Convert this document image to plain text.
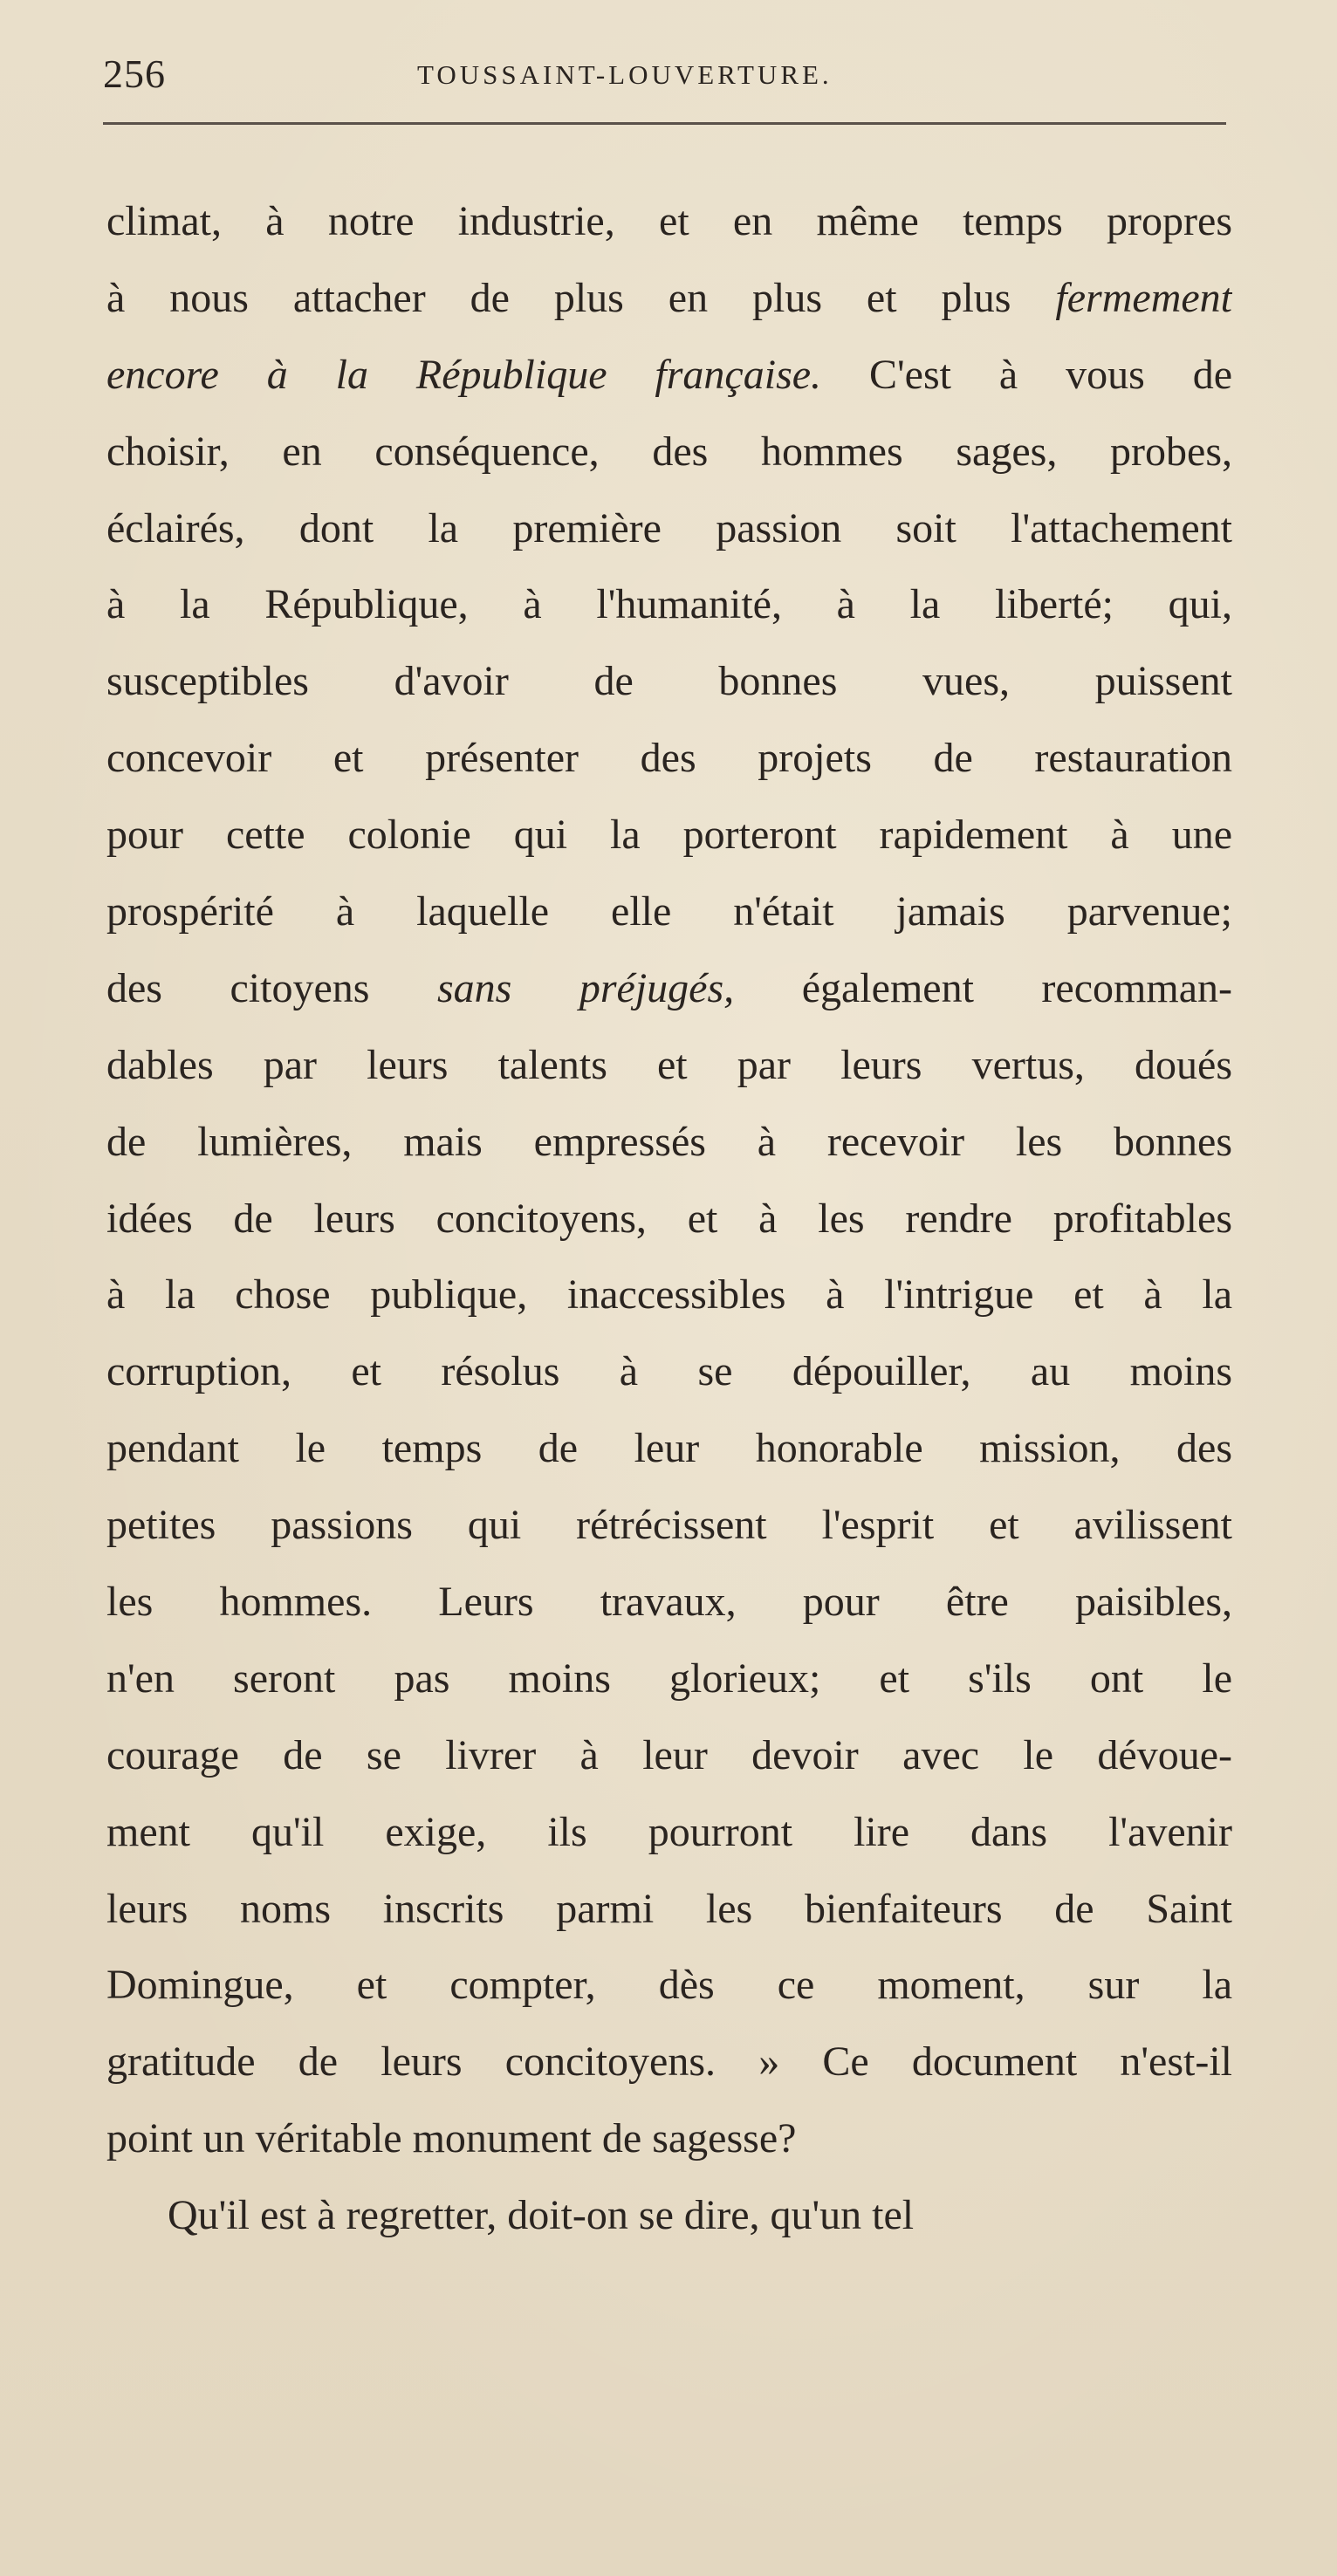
256	TOUSSAINT-LOUVERTURE.
climat, à notre industrie, et en même temps propres
à nous attacher de plus en plus et plus fermement
encore à la République française. C'est à vous de
choisir, en conséquence, des hommes sages, probes,
éclairés, dont la première passion soit l'attachement
à la République, à l'humanité, à la liberté; qui,
susceptibles d'avoir de bonnes vues, puissent
concevoir et présenter des projets de restauration
pour cette colonie qui la porteront rapidement à une
prospérité à laquelle elle n'était jamais parvenue;
des citoyens sans préjugés, également recomman-
dables par leurs talents et par leurs vertus, doués
de lumières, mais empressés à recevoir les bonnes
idées de leurs concitoyens, et à les rendre profitables
à la chose publique, inaccessibles à l'intrigue et à la
corruption, et résolus à se dépouiller, au moins
pendant le temps de leur honorable mission, des
petites passions qui rétrécissent l'esprit et avilissent
les hommes. Leurs travaux, pour être paisibles,
n'en seront pas moins glorieux; et s'ils ont le
courage de se livrer à leur devoir avec le dévoue-
ment qu'il exige, ils pourront lire dans l'avenir
leurs noms inscrits parmi les bienfaiteurs de Saint
Domingue, et compter, dès ce moment, sur la
gratitude de leurs concitoyens. » Ce document n'est-il
point un véritable monument de sagesse?
Qu'il est à regretter, doit-on se dire, qu'un tel
